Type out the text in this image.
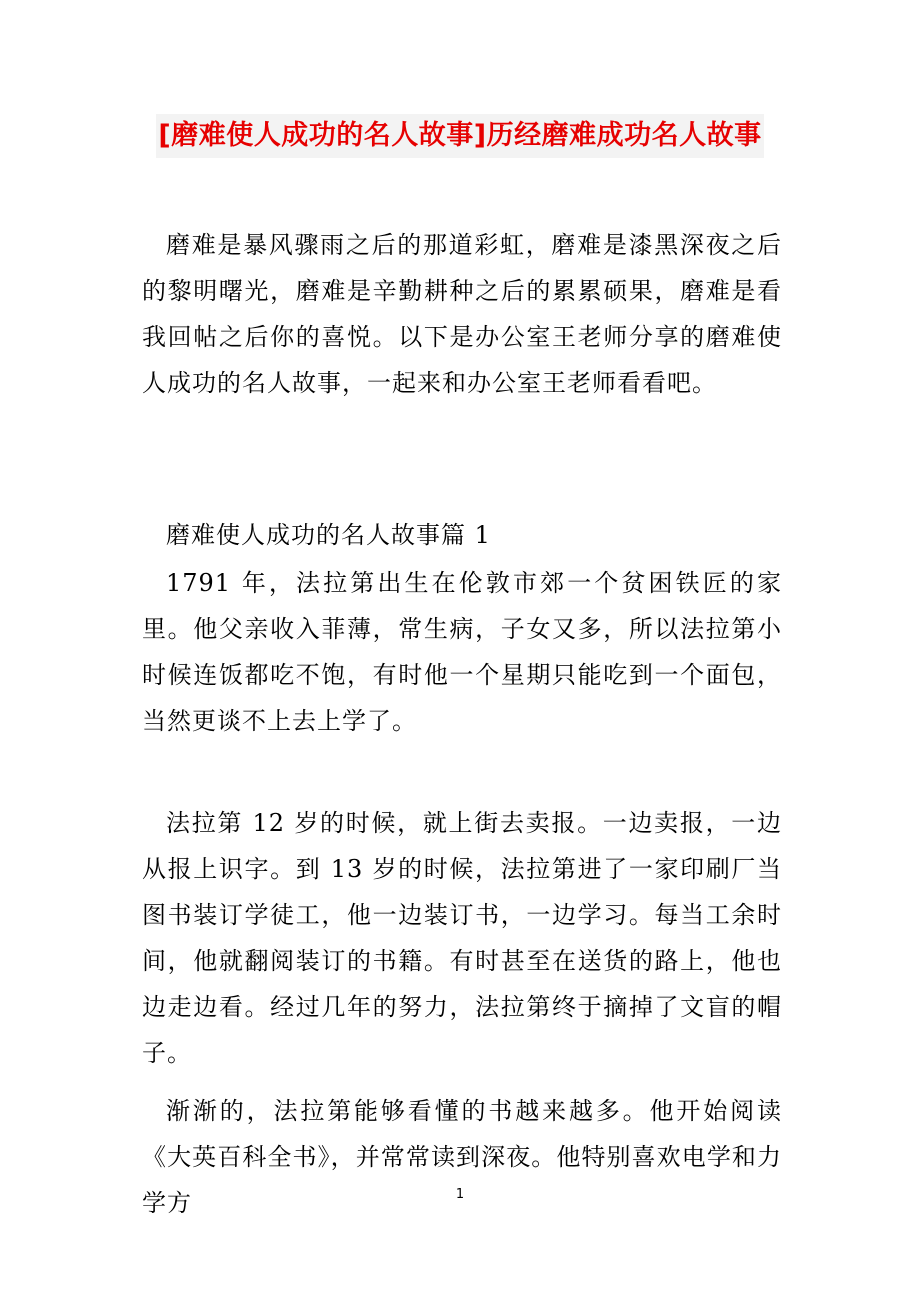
[磨难使人成功的名人故事]历经磨难成功名人故事

磨难是暴风骤雨之后的那道彩虹，磨难是漆黑深夜之后的黎明曙光，磨难是辛勤耕种之后的累累硕果，磨难是看我回帖之后你的喜悦。以下是办公室王老师分享的磨难使人成功的名人故事，一起来和办公室王老师看看吧。

磨难使人成功的名人故事篇 1

1791 年，法拉第出生在伦敦市郊一个贫困铁匠的家里。他父亲收入菲薄，常生病，子女又多，所以法拉第小时候连饭都吃不饱，有时他一个星期只能吃到一个面包，当然更谈不上去上学了。

法拉第 12 岁的时候，就上街去卖报。一边卖报，一边从报上识字。到 13 岁的时候，法拉第进了一家印刷厂当图书装订学徒工，他一边装订书，一边学习。每当工余时间，他就翻阅装订的书籍。有时甚至在送货的路上，他也边走边看。经过几年的努力，法拉第终于摘掉了文盲的帽子。

渐渐的，法拉第能够看懂的书越来越多。他开始阅读《大英百科全书》，并常常读到深夜。他特别喜欢电学和力学方	1
